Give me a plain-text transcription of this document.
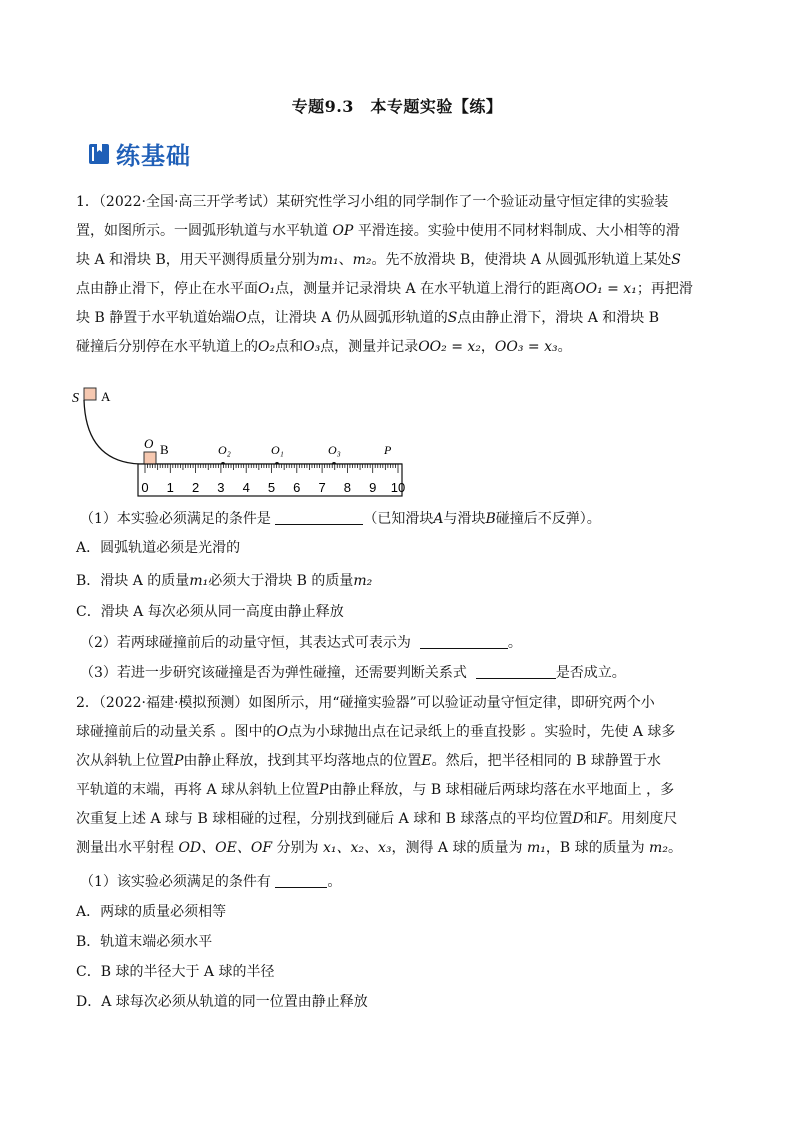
专题9.3　本专题实验【练】
练基础

1．（2022·全国·高三开学考试）某研究性学习小组的同学制作了一个验证动量守恒定律的实验装

置，如图所示。一圆弧形轨道与水平轨道 OP 平滑连接。实验中使用不同材料制成、大小相等的滑

块 A 和滑块 B，用天平测得质量分别为m₁、m₂。先不放滑块 B，使滑块 A 从圆弧形轨道上某处S

点由静止滑下，停止在水平面O₁点，测量并记录滑块 A 在水平轨道上滑行的距离OO₁ = x₁；再把滑

块 B 静置于水平轨道始端O点，让滑块 A 仍从圆弧形轨道的S点由静止滑下，滑块 A 和滑块 B

碰撞后分别停在水平轨道上的O₂点和O₃点，测量并记录OO₂ = x₂，OO₃ = x₃。

S A
O B	O₂	O₁	O₃	P
0 1 2 3 4 5 6 7 8 9 10

（1）本实验必须满足的条件是	（已知滑块A与滑块B碰撞后不反弹）。

A．圆弧轨道必须是光滑的

B．滑块 A 的质量m₁必须大于滑块 B 的质量m₂

C．滑块 A 每次必须从同一高度由静止释放

（2）若两球碰撞前后的动量守恒，其表达式可表示为	。

（3）若进一步研究该碰撞是否为弹性碰撞，还需要判断关系式	是否成立。

2．（2022·福建·模拟预测）如图所示，用“碰撞实验器”可以验证动量守恒定律，即研究两个小

球碰撞前后的动量关系 。图中的O点为小球抛出点在记录纸上的垂直投影 。实验时，先使 A 球多

次从斜轨上位置P由静止释放，找到其平均落地点的位置E。然后，把半径相同的 B 球静置于水

平轨道的末端，再将 A 球从斜轨上位置P由静止释放，与 B 球相碰后两球均落在水平地面上 ，多

次重复上述 A 球与 B 球相碰的过程，分别找到碰后 A 球和 B 球落点的平均位置D和F。用刻度尺

测量出水平射程 OD、OE、OF 分别为 x₁、x₂、x₃，测得 A 球的质量为 m₁，B 球的质量为 m₂。

（1）该实验必须满足的条件有	。

A．两球的质量必须相等

B．轨道末端必须水平

C．B 球的半径大于 A 球的半径

D．A 球每次必须从轨道的同一位置由静止释放
